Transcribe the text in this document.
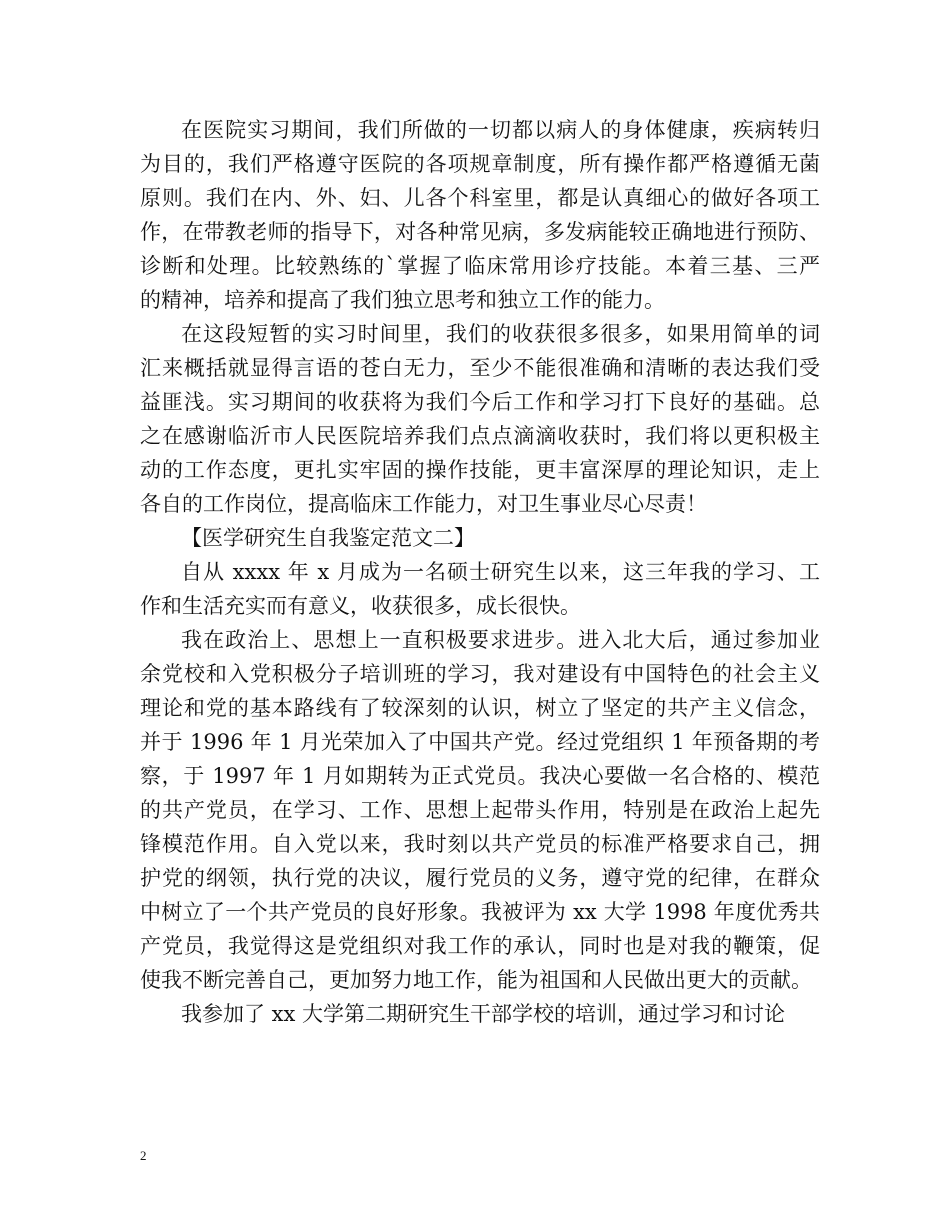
在医院实习期间，我们所做的一切都以病人的身体健康，疾病转归
为目的，我们严格遵守医院的各项规章制度，所有操作都严格遵循无菌
原则。我们在内、外、妇、儿各个科室里，都是认真细心的做好各项工
作，在带教老师的指导下，对各种常见病，多发病能较正确地进行预防、
诊断和处理。比较熟练的`掌握了临床常用诊疗技能。本着三基、三严
的精神，培养和提高了我们独立思考和独立工作的能力。
在这段短暂的实习时间里，我们的收获很多很多，如果用简单的词
汇来概括就显得言语的苍白无力，至少不能很准确和清晰的表达我们受
益匪浅。实习期间的收获将为我们今后工作和学习打下良好的基础。总
之在感谢临沂市人民医院培养我们点点滴滴收获时，我们将以更积极主
动的工作态度，更扎实牢固的操作技能，更丰富深厚的理论知识，走上
各自的工作岗位，提高临床工作能力，对卫生事业尽心尽责！
【医学研究生自我鉴定范文二】
自从 xxxx 年 x 月成为一名硕士研究生以来，这三年我的学习、工
作和生活充实而有意义，收获很多，成长很快。
我在政治上、思想上一直积极要求进步。进入北大后，通过参加业
余党校和入党积极分子培训班的学习，我对建设有中国特色的社会主义
理论和党的基本路线有了较深刻的认识，树立了坚定的共产主义信念，
并于 1996 年 1 月光荣加入了中国共产党。经过党组织 1 年预备期的考
察，于 1997 年 1 月如期转为正式党员。我决心要做一名合格的、模范
的共产党员，在学习、工作、思想上起带头作用，特别是在政治上起先
锋模范作用。自入党以来，我时刻以共产党员的标准严格要求自己，拥
护党的纲领，执行党的决议，履行党员的义务，遵守党的纪律，在群众
中树立了一个共产党员的良好形象。我被评为 xx 大学 1998 年度优秀共
产党员，我觉得这是党组织对我工作的承认，同时也是对我的鞭策，促
使我不断完善自己，更加努力地工作，能为祖国和人民做出更大的贡献。
我参加了 xx 大学第二期研究生干部学校的培训，通过学习和讨论
2
